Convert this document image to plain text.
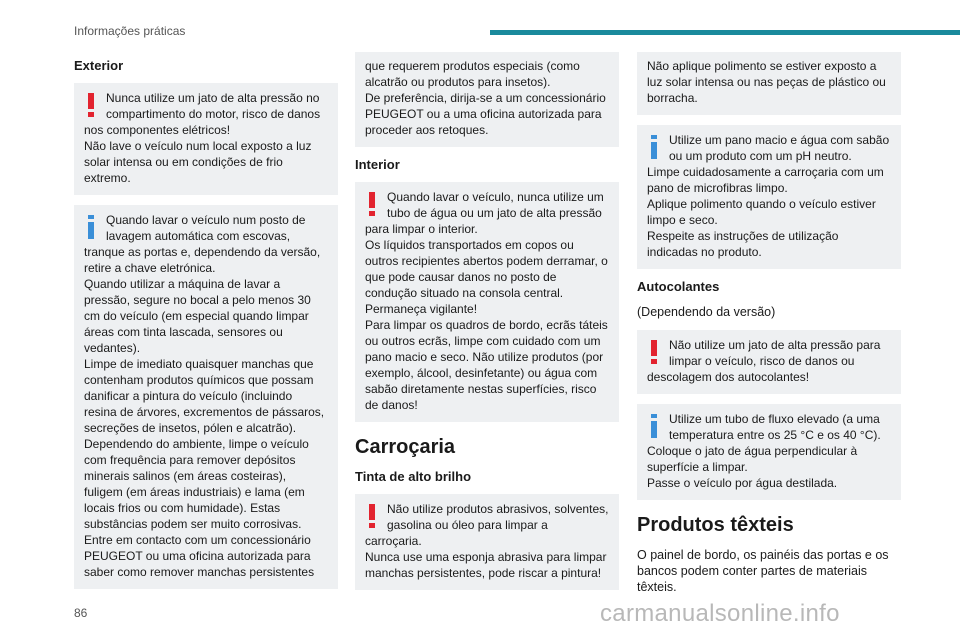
Informações práticas
Exterior
Nunca utilize um jato de alta pressão no compartimento do motor, risco de danos
nos componentes elétricos!
Não lave o veículo num local exposto a luz solar intensa ou em condições de frio extremo.
Quando lavar o veículo num posto de lavagem automática com escovas,
tranque as portas e, dependendo da versão, retire a chave eletrónica.
Quando utilizar a máquina de lavar a pressão, segure no bocal a pelo menos 30 cm do veículo (em especial quando limpar áreas com tinta lascada, sensores ou vedantes).
Limpe de imediato quaisquer manchas que contenham produtos químicos que possam danificar a pintura do veículo (incluindo resina de árvores, excrementos de pássaros, secreções de insetos, pólen e alcatrão).
Dependendo do ambiente, limpe o veículo com frequência para remover depósitos minerais salinos (em áreas costeiras), fuligem (em áreas industriais) e lama (em locais frios ou com humidade). Estas substâncias podem ser muito corrosivas.
Entre em contacto com um concessionário PEUGEOT ou uma oficina autorizada para saber como remover manchas persistentes
que requerem produtos especiais (como alcatrão ou produtos para insetos).
De preferência, dirija-se a um concessionário PEUGEOT ou a uma oficina autorizada para proceder aos retoques.
Interior
Quando lavar o veículo, nunca utilize um tubo de água ou um jato de alta pressão
para limpar o interior.
Os líquidos transportados em copos ou outros recipientes abertos podem derramar, o que pode causar danos no posto de condução situado na consola central. Permaneça vigilante!
Para limpar os quadros de bordo, ecrãs táteis ou outros ecrãs, limpe com cuidado com um pano macio e seco. Não utilize produtos (por exemplo, álcool, desinfetante) ou água com sabão diretamente nestas superfícies, risco de danos!
Carroçaria
Tinta de alto brilho
Não utilize produtos abrasivos, solventes, gasolina ou óleo para limpar a
carroçaria.
Nunca use uma esponja abrasiva para limpar manchas persistentes, pode riscar a pintura!
Não aplique polimento se estiver exposto a luz solar intensa ou nas peças de plástico ou borracha.
Utilize um pano macio e água com sabão ou um produto com um pH neutro.
Limpe cuidadosamente a carroçaria com um pano de microfibras limpo.
Aplique polimento quando o veículo estiver limpo e seco.
Respeite as instruções de utilização indicadas no produto.
Autocolantes
(Dependendo da versão)
Não utilize um jato de alta pressão para limpar o veículo, risco de danos ou
descolagem dos autocolantes!
Utilize um tubo de fluxo elevado (a uma temperatura entre os 25 °C e os 40 °C).
Coloque o jato de água perpendicular à superfície a limpar.
Passe o veículo por água destilada.
Produtos têxteis
O painel de bordo, os painéis das portas e os bancos podem conter partes de materiais têxteis.
86	carmanualsonline.info
